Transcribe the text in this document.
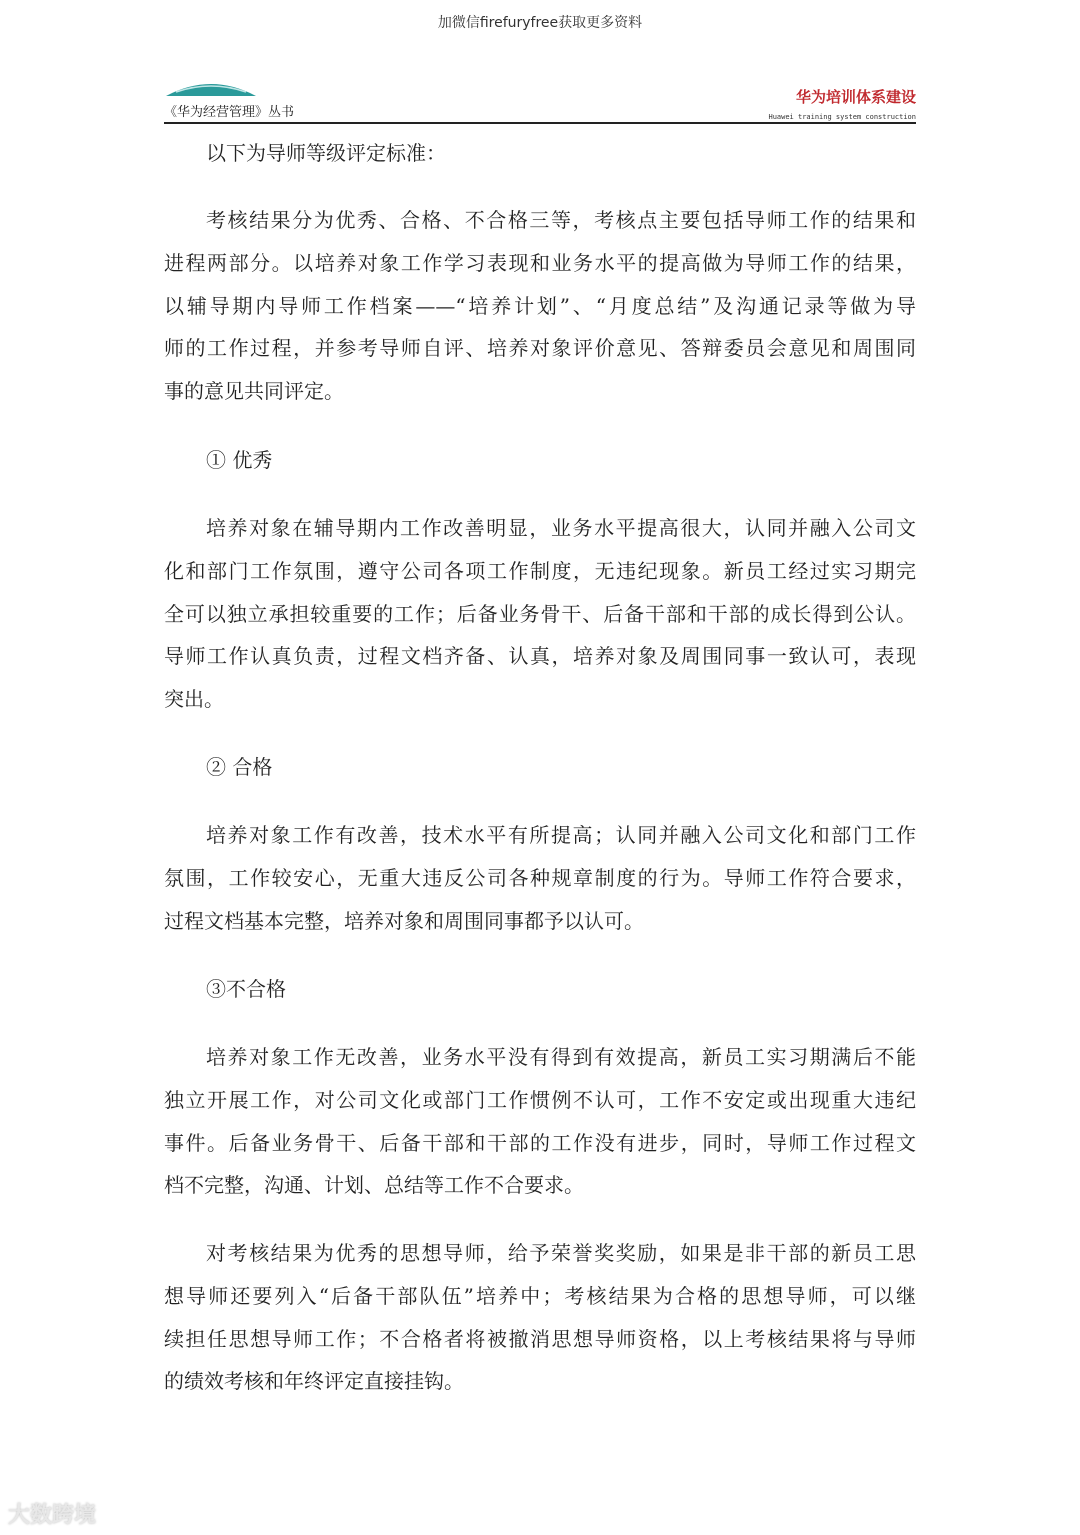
加微信firefuryfree获取更多资料
《华为经营管理》丛书
华为培训体系建设
Huawei training system construction
以下为导师等级评定标准：
考核结果分为优秀、合格、不合格三等，考核点主要包括导师工作的结果和
进程两部分。以培养对象工作学习表现和业务水平的提高做为导师工作的结果，
以辅导期内导师工作档案——“培养计划”、“月度总结”及沟通记录等做为导
师的工作过程，并参考导师自评、培养对象评价意见、答辩委员会意见和周围同
事的意见共同评定。
① 优秀
培养对象在辅导期内工作改善明显，业务水平提高很大，认同并融入公司文
化和部门工作氛围，遵守公司各项工作制度，无违纪现象。新员工经过实习期完
全可以独立承担较重要的工作；后备业务骨干、后备干部和干部的成长得到公认。
导师工作认真负责，过程文档齐备、认真，培养对象及周围同事一致认可，表现
突出。
② 合格
培养对象工作有改善，技术水平有所提高；认同并融入公司文化和部门工作
氛围，工作较安心，无重大违反公司各种规章制度的行为。导师工作符合要求，
过程文档基本完整，培养对象和周围同事都予以认可。
③不合格
培养对象工作无改善，业务水平没有得到有效提高，新员工实习期满后不能
独立开展工作，对公司文化或部门工作惯例不认可，工作不安定或出现重大违纪
事件。后备业务骨干、后备干部和干部的工作没有进步，同时，导师工作过程文
档不完整，沟通、计划、总结等工作不合要求。
对考核结果为优秀的思想导师，给予荣誉奖奖励，如果是非干部的新员工思
想导师还要列入“后备干部队伍”培养中；考核结果为合格的思想导师，可以继
续担任思想导师工作；不合格者将被撤消思想导师资格，以上考核结果将与导师
的绩效考核和年终评定直接挂钩。
大数跨境
